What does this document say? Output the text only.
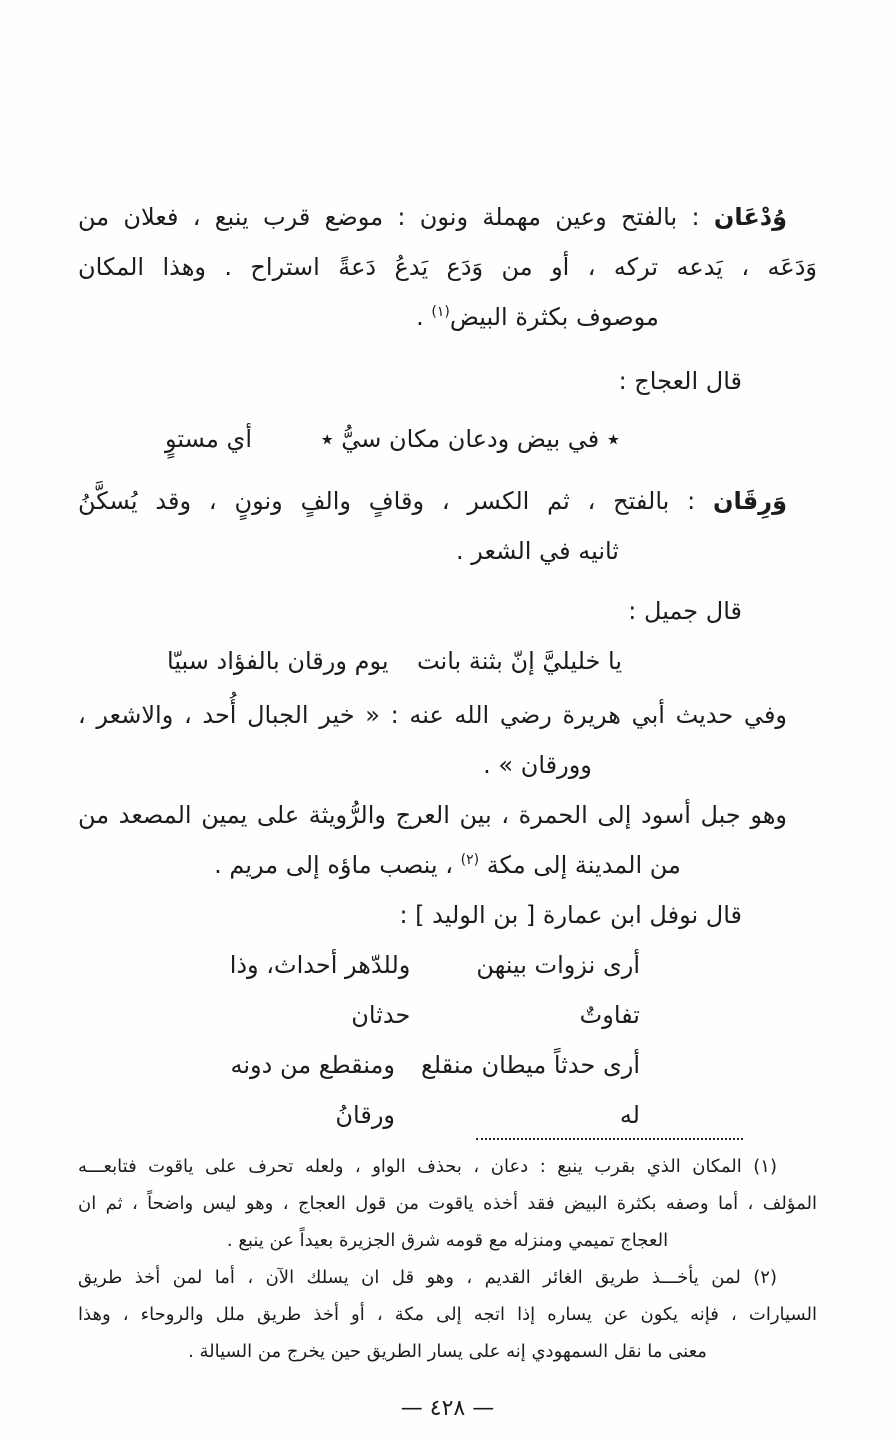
وُدْعَان : بالفتح وعين مهملة ونون : موضع قرب ينبع ، فعلان من
وَدَعَه ، يَدعه تركه ، أو من وَدَع يَدعُ دَعةً استراح . وهذا المكان
موصوف بكثرة البيض$^{(١)}$ .
قال العجاج :
٭ في بيض ودعان مكان سيُّ ٭
أي مستوٍ
وَرِقَان : بالفتح ، ثم الكسر ، وقافٍ والفٍ ونونٍ ، وقد يُسكَّنُ
ثانيه في الشعر .
قال جميل :
يا خليليَّ إنّ بثنة بانت
يوم ورقان بالفؤاد سبيّا
وفي حديث أبي هريرة رضي الله عنه : « خير الجبال أُحد ، والاشعر ،
وورقان » .
وهو جبل أسود إلى الحمرة ، بين العرج والرُّويثة على يمين المصعد من
من المدينة إلى مكة $^{(٢)}$ ، ينصب ماؤه إلى مريم .
قال نوفل ابن عمارة [ بن الوليد ] :
أرى نزوات بينهن تفاوتٌ
وللدّهر أحداث، وذا حدثان
أرى حدثاً ميطان منقلع له
ومنقطع من دونه ورقانُ
(١) المكان الذي بقرب ينبع : دعان ، بحذف الواو ، ولعله تحرف على ياقوت فتابعـــه
المؤلف ، أما وصفه بكثرة البيض فقد أخذه ياقوت من قول العجاج ، وهو ليس واضحاً ، ثم ان
العجاج تميمي ومنزله مع قومه شرق الجزيرة بعيداً عن ينبع .
(٢) لمن يأخـــذ طريق الغائر القديم ، وهو قل ان يسلك الآن ، أما لمن أخذ طريق
السيارات ، فإنه يكون عن يساره إذا اتجه إلى مكة ، أو أخذ طريق ملل والروحاء ، وهذا
معنى ما نقل السمهودي إنه على يسار الطريق حين يخرج من السيالة .
— ٤٢٨ —
